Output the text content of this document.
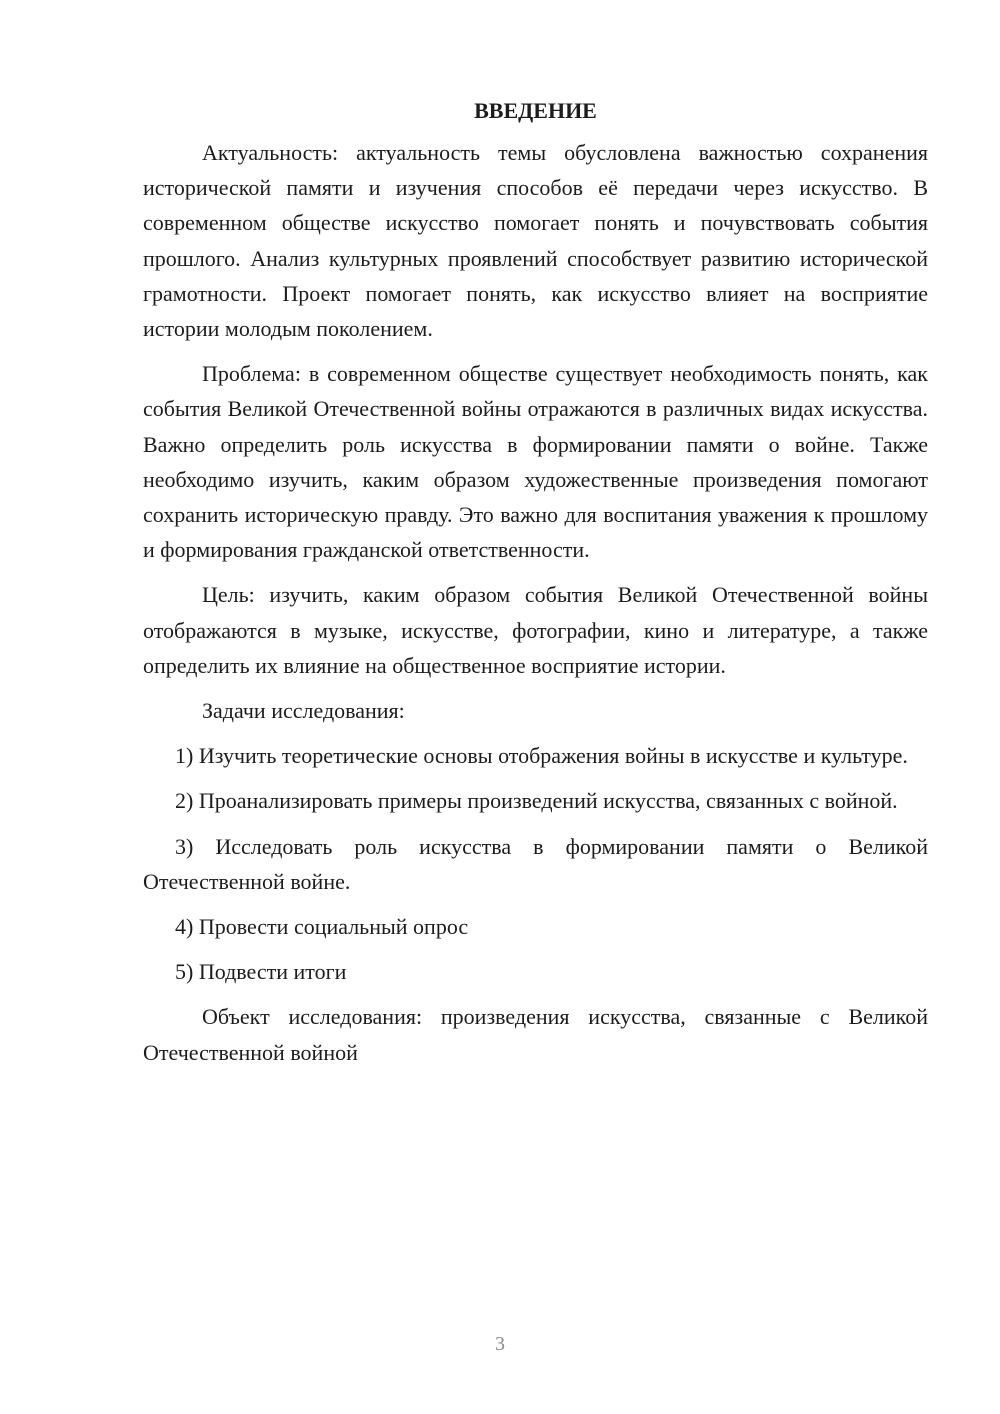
ВВЕДЕНИЕ

Актуальность: актуальность темы обусловлена важностью сохранения исторической памяти и изучения способов её передачи через искусство. В современном обществе искусство помогает понять и почувствовать события прошлого. Анализ культурных проявлений способствует развитию исторической грамотности. Проект помогает понять, как искусство влияет на восприятие истории молодым поколением.

Проблема: в современном обществе существует необходимость понять, как события Великой Отечественной войны отражаются в различных видах искусства. Важно определить роль искусства в формировании памяти о войне. Также необходимо изучить, каким образом художественные произведения помогают сохранить историческую правду. Это важно для воспитания уважения к прошлому и формирования гражданской ответственности.

Цель: изучить, каким образом события Великой Отечественной войны отображаются в музыке, искусстве, фотографии, кино и литературе, а также определить их влияние на общественное восприятие истории.

Задачи исследования:

1) Изучить теоретические основы отображения войны в искусстве и культуре.

2) Проанализировать примеры произведений искусства, связанных с войной.

3) Исследовать роль искусства в формировании памяти о Великой Отечественной войне.

4) Провести социальный опрос

5) Подвести итоги

Объект исследования: произведения искусства, связанные с Великой Отечественной войной

3
